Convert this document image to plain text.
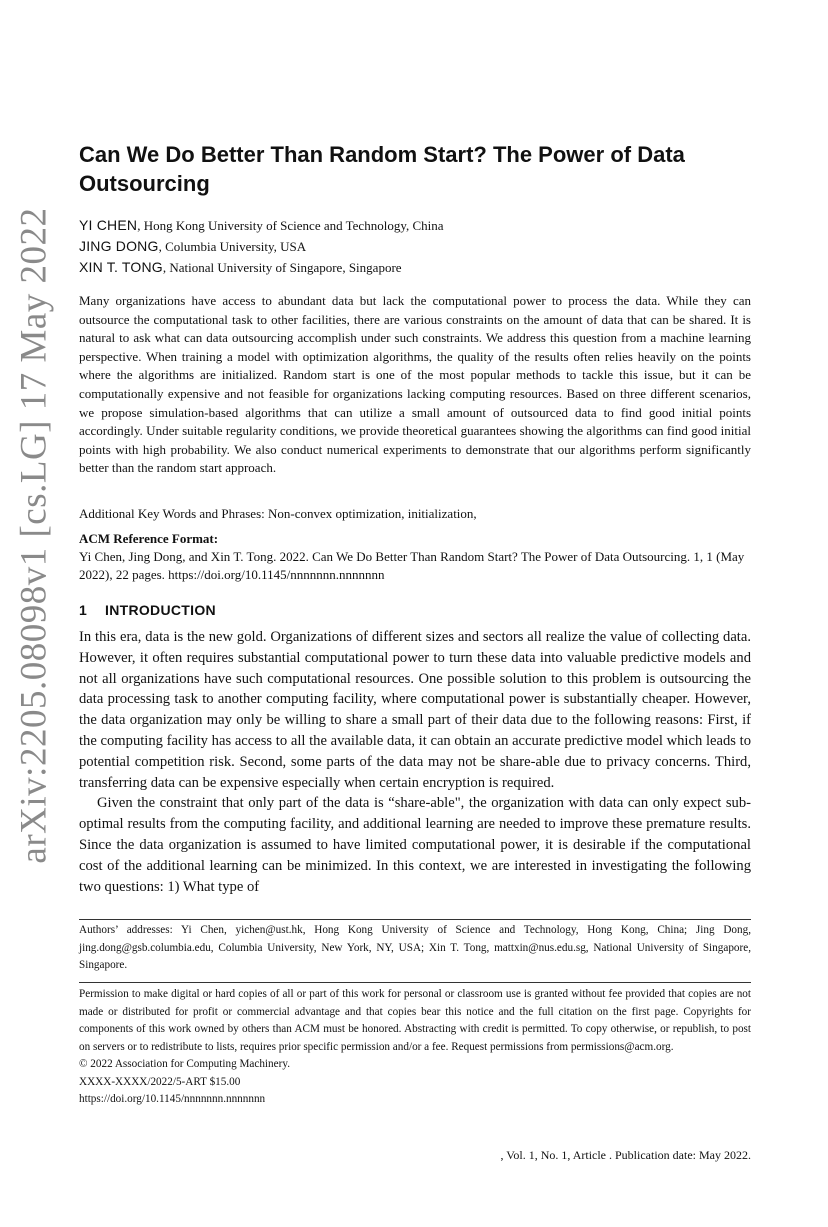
arXiv:2205.08098v1 [cs.LG] 17 May 2022
Can We Do Better Than Random Start? The Power of Data Outsourcing
YI CHEN, Hong Kong University of Science and Technology, China
JING DONG, Columbia University, USA
XIN T. TONG, National University of Singapore, Singapore

Many organizations have access to abundant data but lack the computational power to process the data. While they can outsource the computational task to other facilities, there are various constraints on the amount of data that can be shared. It is natural to ask what can data outsourcing accomplish under such constraints. We address this question from a machine learning perspective. When training a model with optimization algorithms, the quality of the results often relies heavily on the points where the algorithms are initialized. Random start is one of the most popular methods to tackle this issue, but it can be computationally expensive and not feasible for organizations lacking computing resources. Based on three different scenarios, we propose simulation-based algorithms that can utilize a small amount of outsourced data to find good initial points accordingly. Under suitable regularity conditions, we provide theoretical guarantees showing the algorithms can find good initial points with high probability. We also conduct numerical experiments to demonstrate that our algorithms perform significantly better than the random start approach.

Additional Key Words and Phrases: Non-convex optimization, initialization,

ACM Reference Format:
Yi Chen, Jing Dong, and Xin T. Tong. 2022. Can We Do Better Than Random Start? The Power of Data Outsourcing. 1, 1 (May 2022), 22 pages. https://doi.org/10.1145/nnnnnnn.nnnnnnn
1 INTRODUCTION

In this era, data is the new gold. Organizations of different sizes and sectors all realize the value of collecting data. However, it often requires substantial computational power to turn these data into valuable predictive models and not all organizations have such computational resources. One possible solution to this problem is outsourcing the data processing task to another computing facility, where computational power is substantially cheaper. However, the data organization may only be willing to share a small part of their data due to the following reasons: First, if the computing facility has access to all the available data, it can obtain an accurate predictive model which leads to potential competition risk. Second, some parts of the data may not be share-able due to privacy concerns. Third, transferring data can be expensive especially when certain encryption is required.

Given the constraint that only part of the data is “share-able", the organization with data can only expect sub-optimal results from the computing facility, and additional learning are needed to improve these premature results. Since the data organization is assumed to have limited computational power, it is desirable if the computational cost of the additional learning can be minimized. In this context, we are interested in investigating the following two questions: 1) What type of

Authors’ addresses: Yi Chen, yichen@ust.hk, Hong Kong University of Science and Technology, Hong Kong, China; Jing Dong, jing.dong@gsb.columbia.edu, Columbia University, New York, NY, USA; Xin T. Tong, mattxin@nus.edu.sg, National University of Singapore, Singapore.

Permission to make digital or hard copies of all or part of this work for personal or classroom use is granted without fee provided that copies are not made or distributed for profit or commercial advantage and that copies bear this notice and the full citation on the first page. Copyrights for components of this work owned by others than ACM must be honored. Abstracting with credit is permitted. To copy otherwise, or republish, to post on servers or to redistribute to lists, requires prior specific permission and/or a fee. Request permissions from permissions@acm.org.
© 2022 Association for Computing Machinery.
XXXX-XXXX/2022/5-ART $15.00
https://doi.org/10.1145/nnnnnnn.nnnnnnn
, Vol. 1, No. 1, Article . Publication date: May 2022.
